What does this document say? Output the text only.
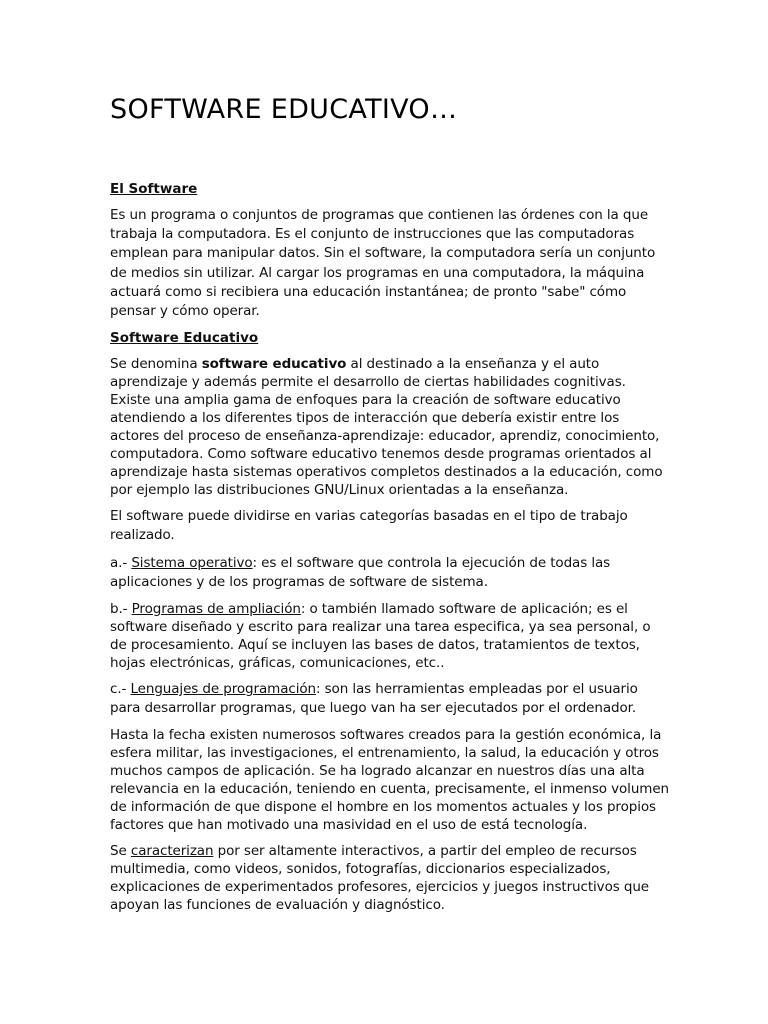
SOFTWARE EDUCATIVO…
El Software

Es un programa o conjuntos de programas que contienen las órdenes con la que trabaja la computadora. Es el conjunto de instrucciones que las computadoras emplean para manipular datos. Sin el software, la computadora sería un conjunto de medios sin utilizar. Al cargar los programas en una computadora, la máquina actuará como si recibiera una educación instantánea; de pronto "sabe" cómo pensar y cómo operar.

Software Educativo

Se denomina software educativo al destinado a la enseñanza y el auto aprendizaje y además permite el desarrollo de ciertas habilidades cognitivas. Existe una amplia gama de enfoques para la creación de software educativo atendiendo a los diferentes tipos de interacción que debería existir entre los actores del proceso de enseñanza-aprendizaje: educador, aprendiz, conocimiento, computadora. Como software educativo tenemos desde programas orientados al aprendizaje hasta sistemas operativos completos destinados a la educación, como por ejemplo las distribuciones GNU/Linux orientadas a la enseñanza.

El software puede dividirse en varias categorías basadas en el tipo de trabajo realizado.

a.- Sistema operativo: es el software que controla la ejecución de todas las aplicaciones y de los programas de software de sistema.

b.- Programas de ampliación: o también llamado software de aplicación; es el software diseñado y escrito para realizar una tarea especifica, ya sea personal, o de procesamiento. Aquí se incluyen las bases de datos, tratamientos de textos, hojas electrónicas, gráficas, comunicaciones, etc..

c.- Lenguajes de programación: son las herramientas empleadas por el usuario para desarrollar programas, que luego van ha ser ejecutados por el ordenador.

Hasta la fecha existen numerosos softwares creados para la gestión económica, la esfera militar, las investigaciones, el entrenamiento, la salud, la educación y otros muchos campos de aplicación. Se ha logrado alcanzar en nuestros días una alta relevancia en la educación, teniendo en cuenta, precisamente, el inmenso volumen de información de que dispone el hombre en los momentos actuales y los propios factores que han motivado una masividad en el uso de está tecnología.

Se caracterizan por ser altamente interactivos, a partir del empleo de recursos multimedia, como videos, sonidos, fotografías, diccionarios especializados, explicaciones de experimentados profesores, ejercicios y juegos instructivos que apoyan las funciones de evaluación y diagnóstico.
